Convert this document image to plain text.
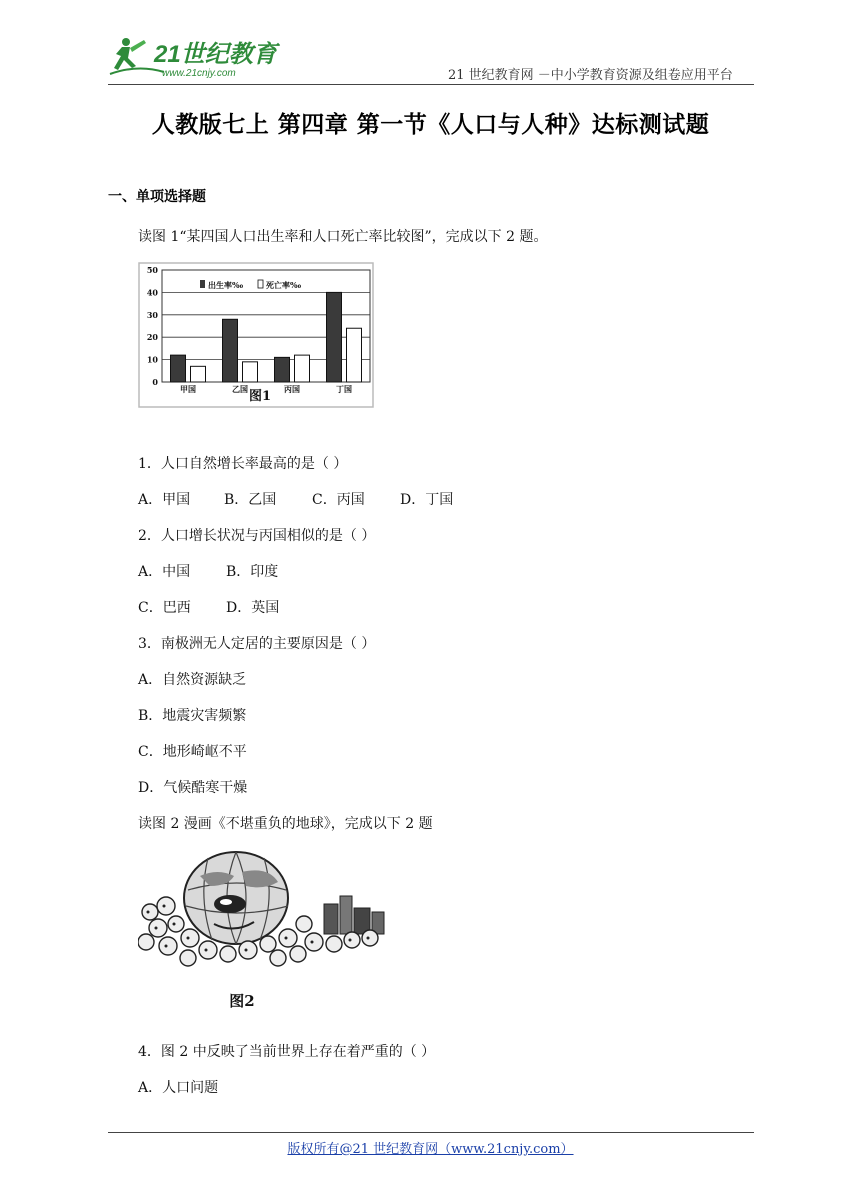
21世纪教育
www.21cnjy.com	21 世纪教育网 －中小学教育资源及组卷应用平台
人教版七上 第四章 第一节《人口与人种》达标测试题
一、单项选择题
读图 1“某四国人口出生率和人口死亡率比较图”，完成以下 2 题。
50
40
30
20
10
0
甲国	乙国	丙国	丁国
出生率‰	死亡率‰
图1
1．人口自然增长率最高的是（ ）
A．甲国 B．乙国	C．丙国	D．丁国
2．人口增长状况与丙国相似的是（ ）
A．中国	B．印度
C．巴西	D．英国
3．南极洲无人定居的主要原因是（ ）
A．自然资源缺乏
B．地震灾害频繁
C．地形崎岖不平
D．气候酷寒干燥
读图 2 漫画《不堪重负的地球》，完成以下 2 题
图2
4．图 2 中反映了当前世界上存在着严重的（ ）
A．人口问题
版权所有@21 世纪教育网（www.21cnjy.com）
